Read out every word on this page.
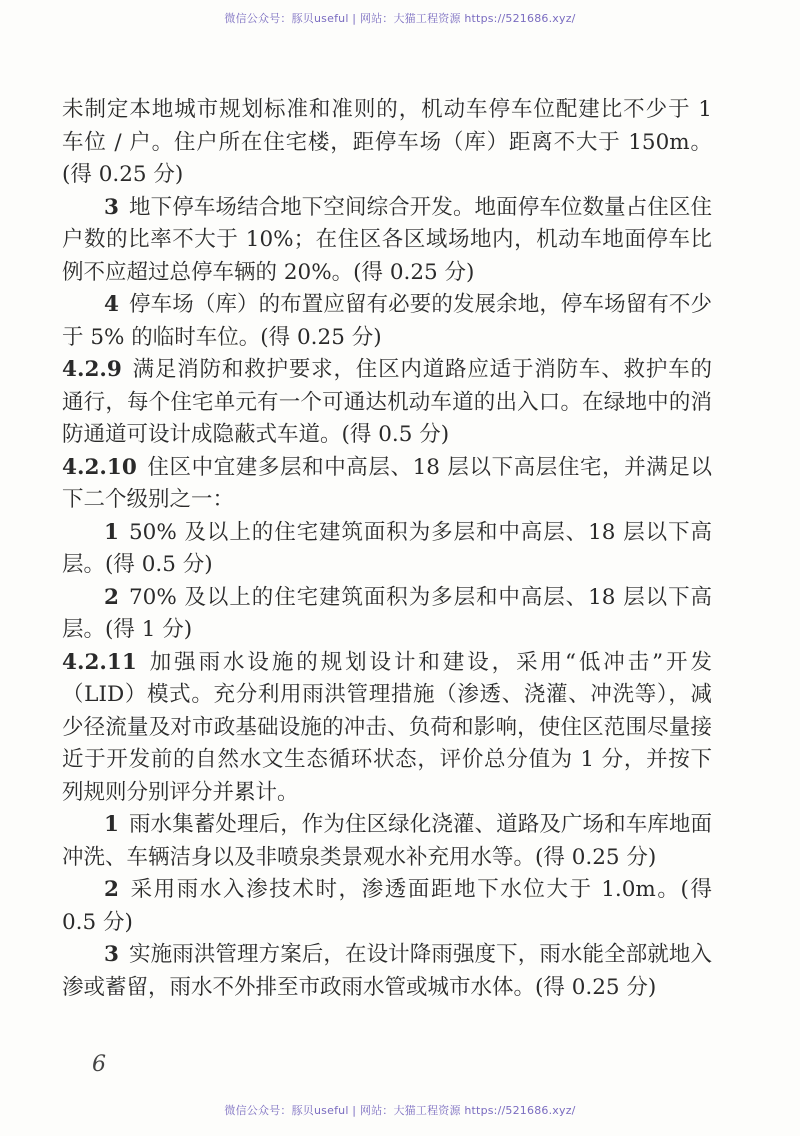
微信公众号：豚贝useful | 网站：大猫工程资源 https://521686.xyz/

未制定本地城市规划标准和准则的，机动车停车位配建比不少于 1 车位 / 户。住户所在住宅楼，距停车场（库）距离不大于 150m。(得 0.25 分)

3 地下停车场结合地下空间综合开发。地面停车位数量占住区住户数的比率不大于 10%；在住区各区域场地内，机动车地面停车比例不应超过总停车辆的 20%。(得 0.25 分)

4 停车场（库）的布置应留有必要的发展余地，停车场留有不少于 5% 的临时车位。(得 0.25 分)

4.2.9 满足消防和救护要求，住区内道路应适于消防车、救护车的通行，每个住宅单元有一个可通达机动车道的出入口。在绿地中的消防通道可设计成隐蔽式车道。(得 0.5 分)

4.2.10 住区中宜建多层和中高层、18 层以下高层住宅，并满足以下二个级别之一：

1 50% 及以上的住宅建筑面积为多层和中高层、18 层以下高层。(得 0.5 分)

2 70% 及以上的住宅建筑面积为多层和中高层、18 层以下高层。(得 1 分)

4.2.11 加强雨水设施的规划设计和建设，采用“低冲击”开发（LID）模式。充分利用雨洪管理措施（渗透、浇灌、冲洗等），减少径流量及对市政基础设施的冲击、负荷和影响，使住区范围尽量接近于开发前的自然水文生态循环状态，评价总分值为 1 分，并按下列规则分别评分并累计。

1 雨水集蓄处理后，作为住区绿化浇灌、道路及广场和车库地面冲洗、车辆洁身以及非喷泉类景观水补充用水等。(得 0.25 分)

2 采用雨水入渗技术时，渗透面距地下水位大于 1.0m。(得 0.5 分)

3 实施雨洪管理方案后，在设计降雨强度下，雨水能全部就地入渗或蓄留，雨水不外排至市政雨水管或城市水体。(得 0.25 分)

6
微信公众号：豚贝useful | 网站：大猫工程资源 https://521686.xyz/
